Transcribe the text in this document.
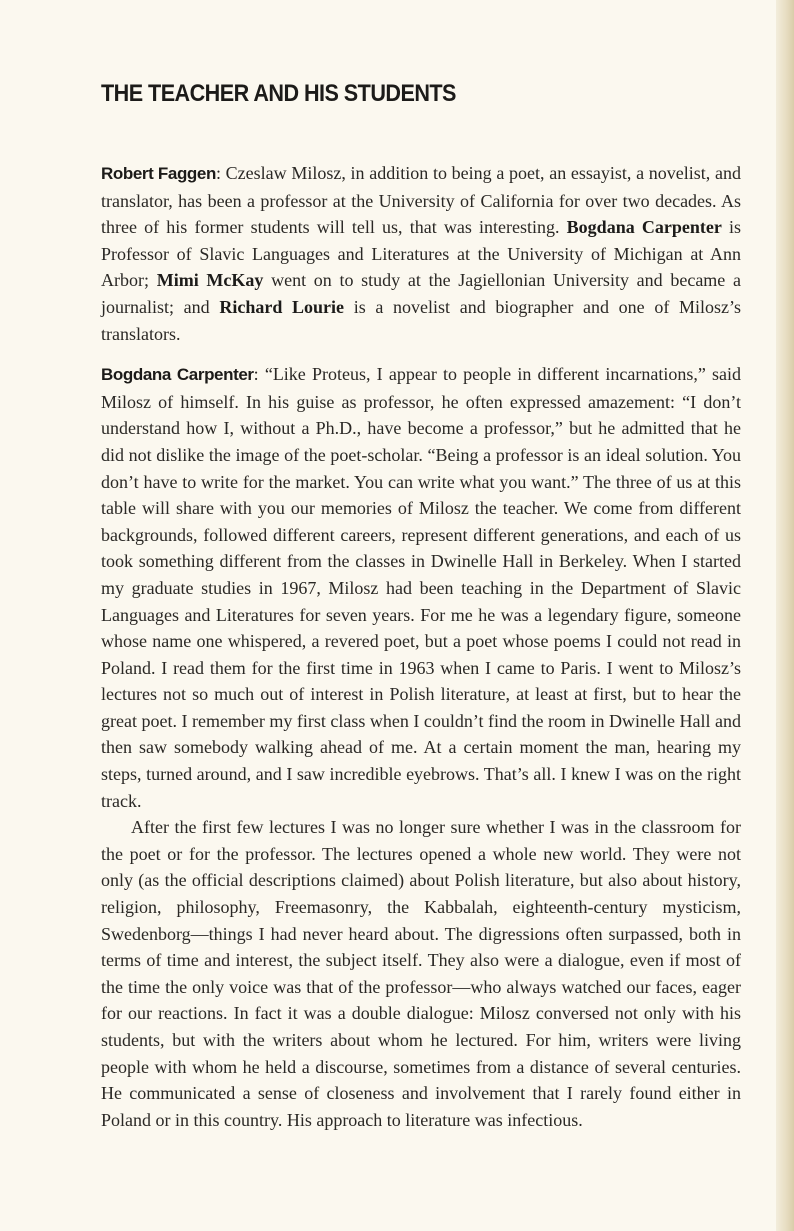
THE TEACHER AND HIS STUDENTS

Robert Faggen: Czeslaw Milosz, in addition to being a poet, an essayist, a novelist, and translator, has been a professor at the University of California for over two decades. As three of his former students will tell us, that was interesting. Bogdana Carpenter is Professor of Slavic Languages and Literatures at the University of Michigan at Ann Arbor; Mimi McKay went on to study at the Jagiellonian University and became a journalist; and Richard Lourie is a novelist and biographer and one of Milosz’s translators.

Bogdana Carpenter: “Like Proteus, I appear to people in different incarnations,” said Milosz of himself. In his guise as professor, he often expressed amazement: “I don’t understand how I, without a Ph.D., have become a professor,” but he admitted that he did not dislike the image of the poet-scholar. “Being a professor is an ideal solution. You don’t have to write for the market. You can write what you want.” The three of us at this table will share with you our memories of Milosz the teacher. We come from different backgrounds, followed different careers, represent different generations, and each of us took something different from the classes in Dwinelle Hall in Berkeley. When I started my graduate studies in 1967, Milosz had been teaching in the Department of Slavic Languages and Literatures for seven years. For me he was a legendary figure, someone whose name one whispered, a revered poet, but a poet whose poems I could not read in Poland. I read them for the first time in 1963 when I came to Paris. I went to Milosz’s lectures not so much out of interest in Polish literature, at least at first, but to hear the great poet. I remember my first class when I couldn’t find the room in Dwinelle Hall and then saw somebody walking ahead of me. At a certain moment the man, hearing my steps, turned around, and I saw incredible eyebrows. That’s all. I knew I was on the right track.

After the first few lectures I was no longer sure whether I was in the classroom for the poet or for the professor. The lectures opened a whole new world. They were not only (as the official descriptions claimed) about Polish literature, but also about history, religion, philosophy, Freemasonry, the Kabbalah, eighteenth-century mysticism, Swedenborg—things I had never heard about. The digressions often surpassed, both in terms of time and interest, the subject itself. They also were a dialogue, even if most of the time the only voice was that of the professor—who always watched our faces, eager for our reactions. In fact it was a double dialogue: Milosz conversed not only with his students, but with the writers about whom he lectured. For him, writers were living people with whom he held a discourse, sometimes from a distance of several centuries. He communicated a sense of closeness and involvement that I rarely found either in Poland or in this country. His approach to literature was infectious.
